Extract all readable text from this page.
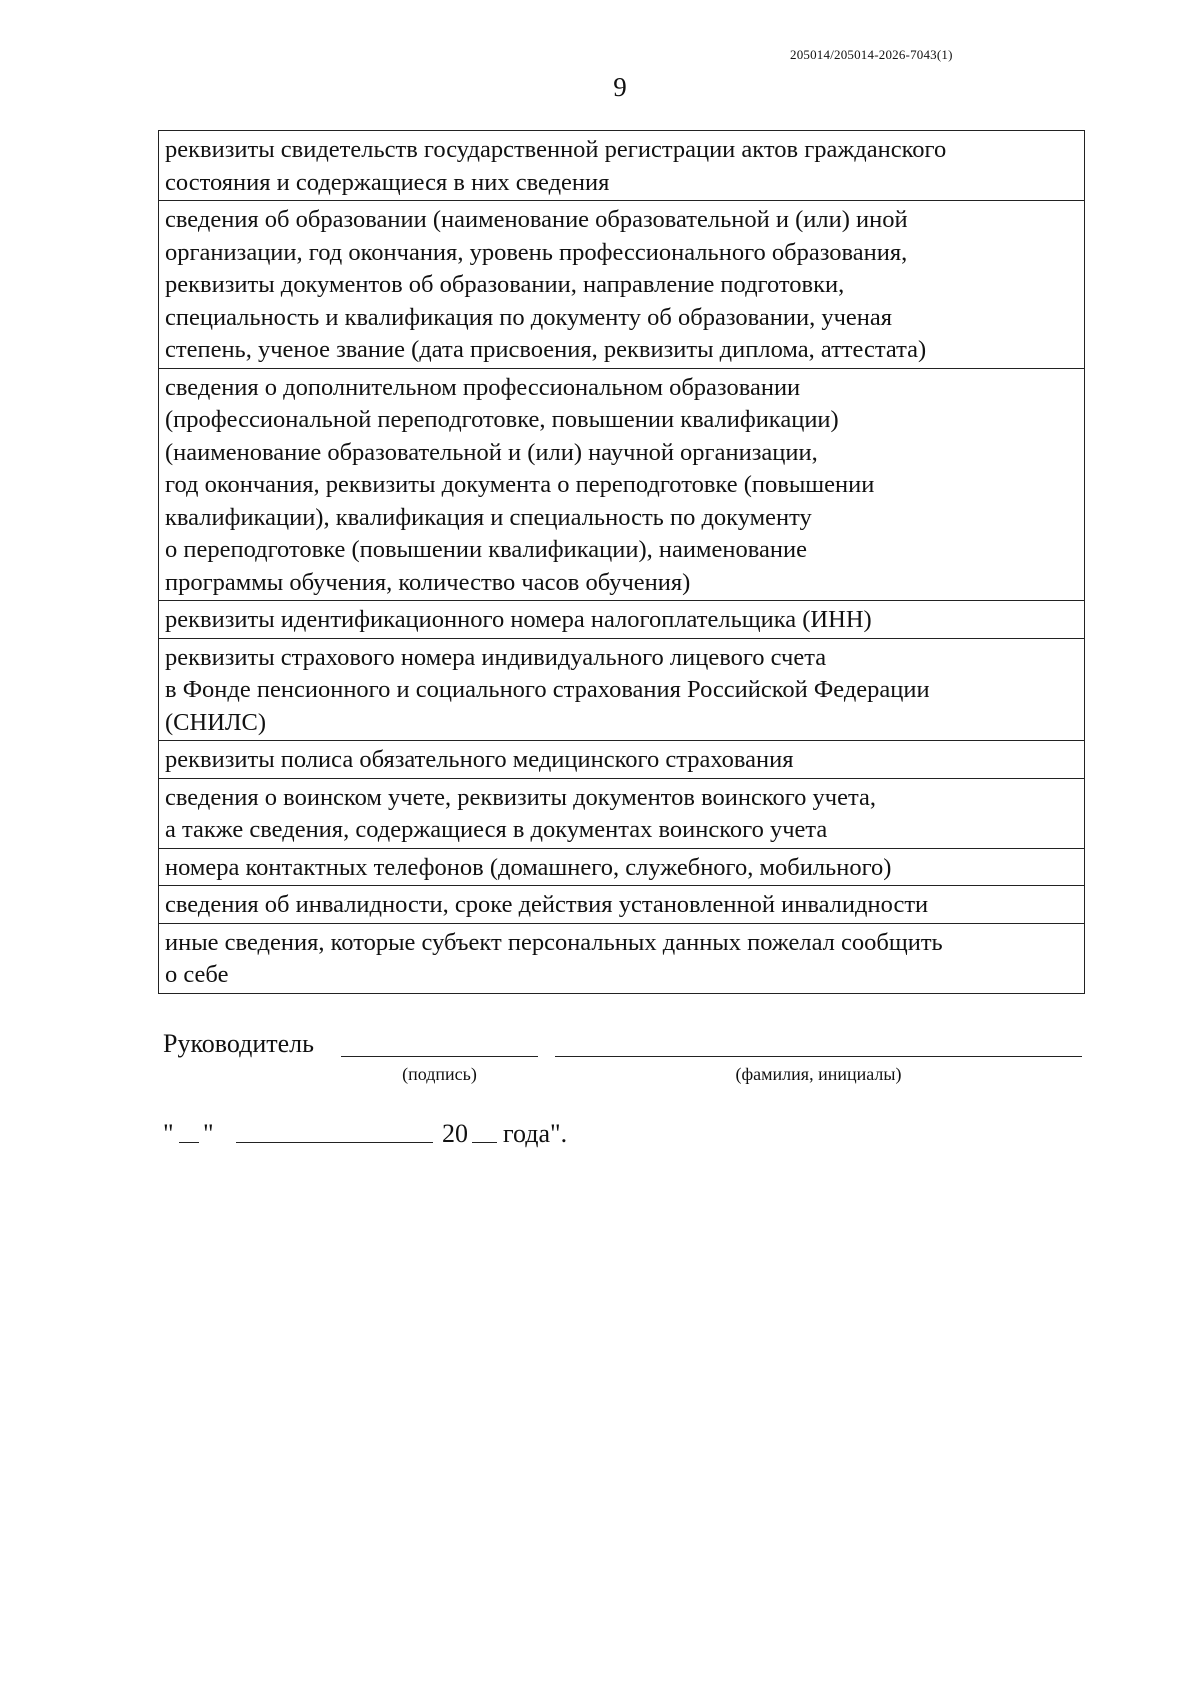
205014/205014-2026-7043(1)
9
реквизиты свидетельств государственной регистрации актов гражданского
состояния и содержащиеся в них сведения
сведения об образовании (наименование образовательной и (или) иной
организации, год окончания, уровень профессионального образования,
реквизиты документов об образовании, направление подготовки,
специальность и квалификация по документу об образовании, ученая
степень, ученое звание (дата присвоения, реквизиты диплома, аттестата)
сведения о дополнительном профессиональном образовании
(профессиональной переподготовке, повышении квалификации)
(наименование образовательной и (или) научной организации,
год окончания, реквизиты документа о переподготовке (повышении
квалификации), квалификация и специальность по документу
о переподготовке (повышении квалификации), наименование
программы обучения, количество часов обучения)
реквизиты идентификационного номера налогоплательщика (ИНН)
реквизиты страхового номера индивидуального лицевого счета
в Фонде пенсионного и социального страхования Российской Федерации
(СНИЛС)
реквизиты полиса обязательного медицинского страхования
сведения о воинском учете, реквизиты документов воинского учета,
а также сведения, содержащиеся в документах воинского учета
номера контактных телефонов (домашнего, служебного, мобильного)
сведения об инвалидности, сроке действия установленной инвалидности
иные сведения, которые субъект персональных данных пожелал сообщить
о себе
Руководитель
(подпись)	(фамилия, инициалы)
" "	20 года".
